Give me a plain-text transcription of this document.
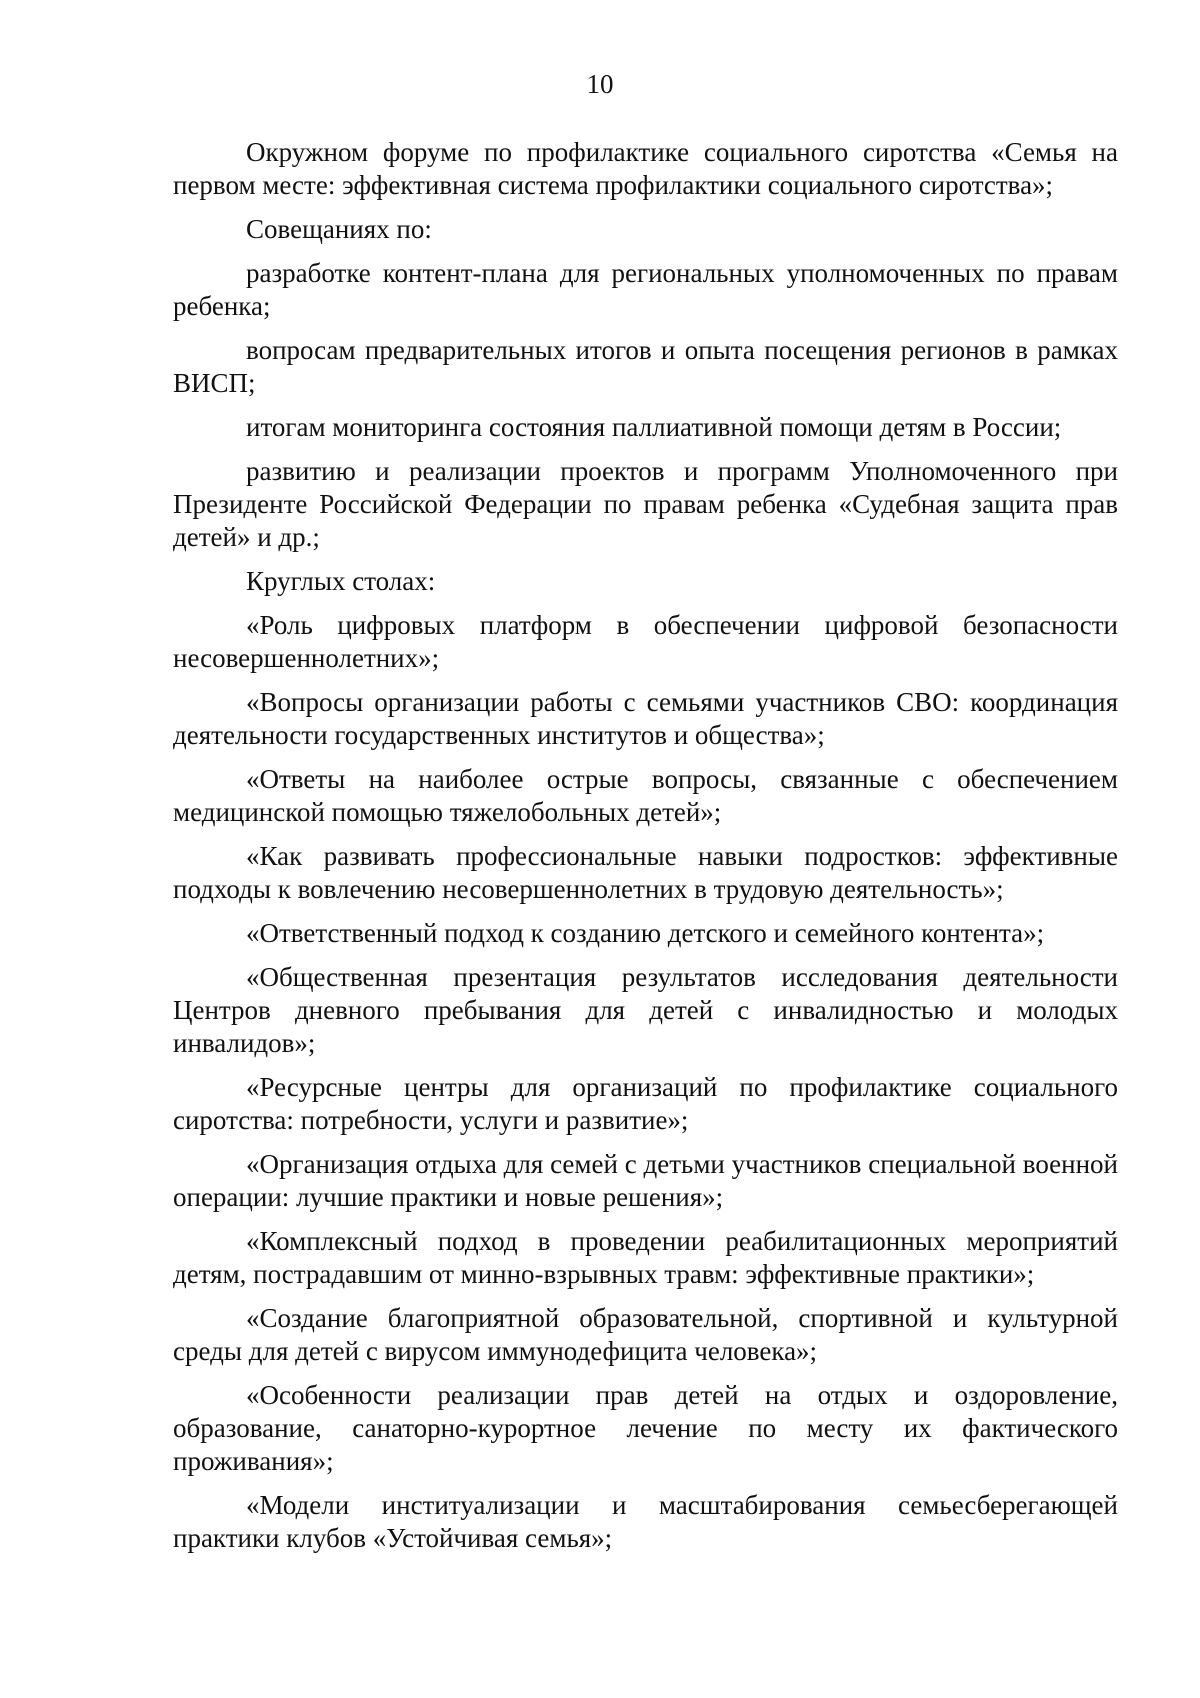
10

Окружном форуме по профилактике социального сиротства «Семья на первом месте: эффективная система профилактики социального сиротства»;

Совещаниях по:

разработке контент-плана для региональных уполномоченных по правам ребенка;

вопросам предварительных итогов и опыта посещения регионов в рамках ВИСП;

итогам мониторинга состояния паллиативной помощи детям в России;

развитию и реализации проектов и программ Уполномоченного при Президенте Российской Федерации по правам ребенка «Судебная защита прав детей» и др.;

Круглых столах:

«Роль цифровых платформ в обеспечении цифровой безопасности несовершеннолетних»;

«Вопросы организации работы с семьями участников СВО: координация деятельности государственных институтов и общества»;

«Ответы на наиболее острые вопросы, связанные с обеспечением медицинской помощью тяжелобольных детей»;

«Как развивать профессиональные навыки подростков: эффективные подходы к вовлечению несовершеннолетних в трудовую деятельность»;

«Ответственный подход к созданию детского и семейного контента»;

«Общественная презентация результатов исследования деятельности Центров дневного пребывания для детей с инвалидностью и молодых инвалидов»;

«Ресурсные центры для организаций по профилактике социального сиротства: потребности, услуги и развитие»;

«Организация отдыха для семей с детьми участников специальной военной операции: лучшие практики и новые решения»;

«Комплексный подход в проведении реабилитационных мероприятий детям, пострадавшим от минно-взрывных травм: эффективные практики»;

«Создание благоприятной образовательной, спортивной и культурной среды для детей с вирусом иммунодефицита человека»;

«Особенности реализации прав детей на отдых и оздоровление, образование, санаторно-курортное лечение по месту их фактического проживания»;

«Модели институализации и масштабирования семьесберегающей практики клубов «Устойчивая семья»;
